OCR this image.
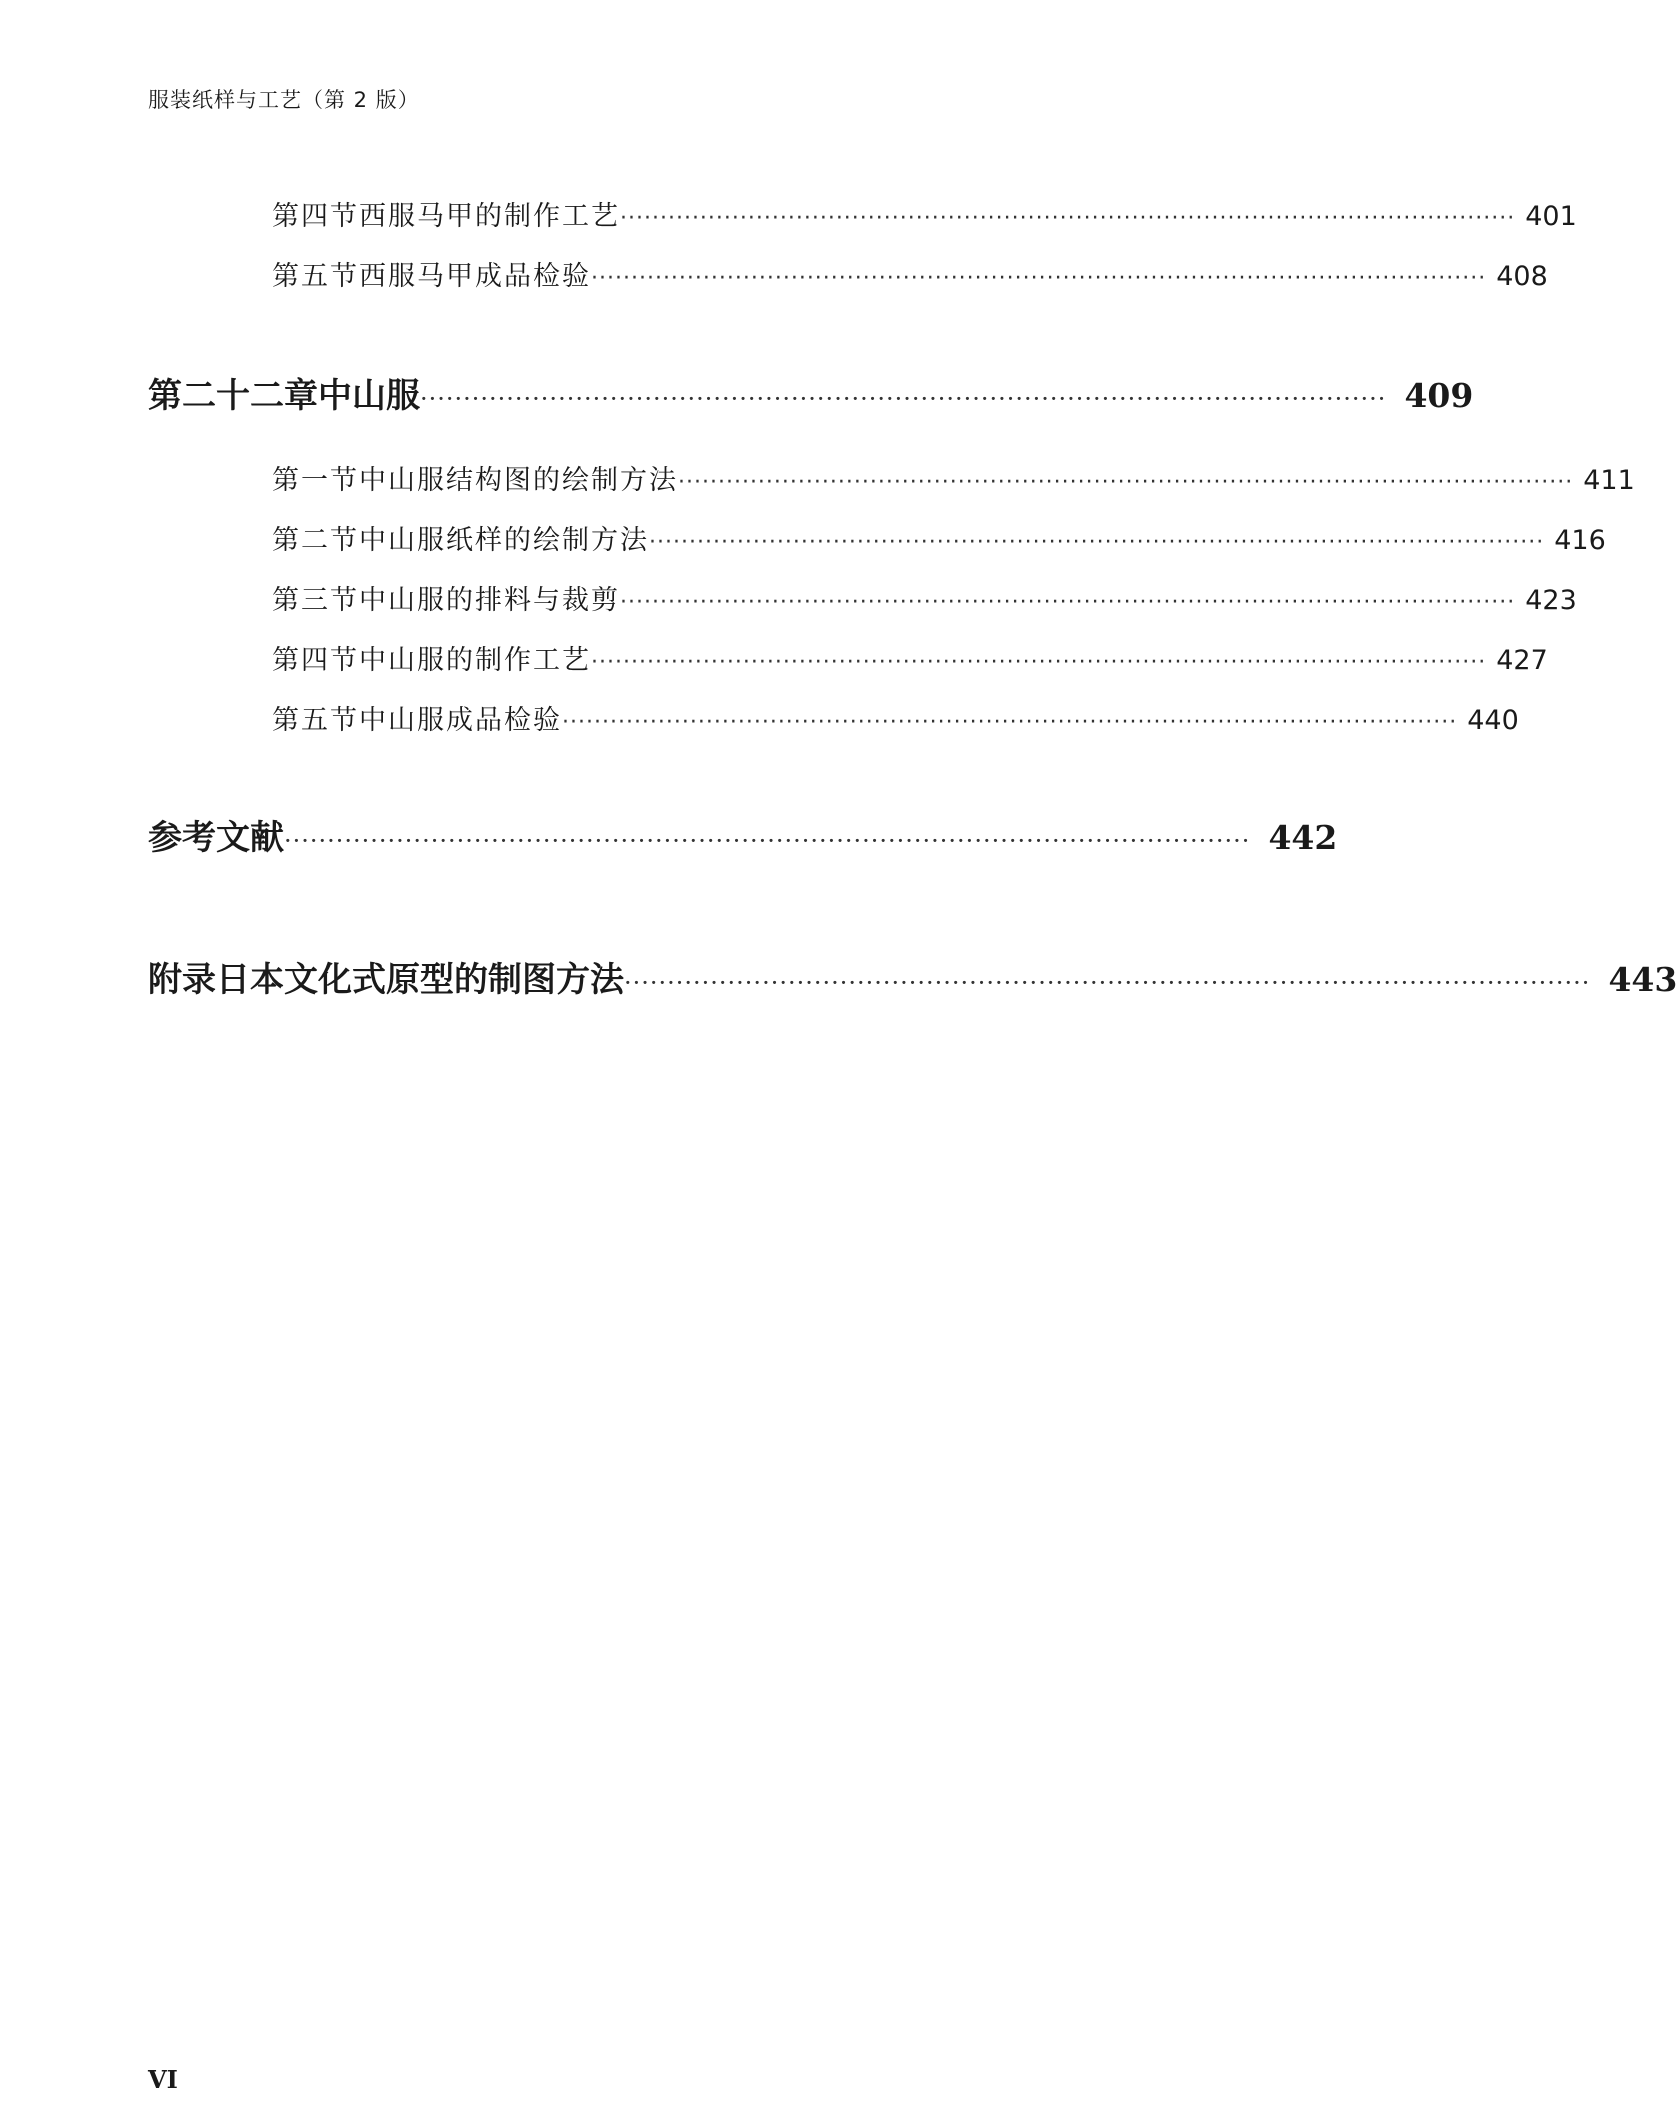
服装纸样与工艺（第 2 版）
第四节 西服马甲的制作工艺 ················································································································ 401
第五节 西服马甲成品检验 ················································································································ 408
第二十二章 中山服 ················································································································ 409
第一节 中山服结构图的绘制方法 ················································································································ 411
第二节 中山服纸样的绘制方法 ················································································································ 416
第三节 中山服的排料与裁剪 ················································································································ 423
第四节 中山服的制作工艺 ················································································································ 427
第五节 中山服成品检验 ················································································································ 440
参考文献 ················································································································ 442
附录 日本文化式原型的制图方法 ················································································································ 443
VI
